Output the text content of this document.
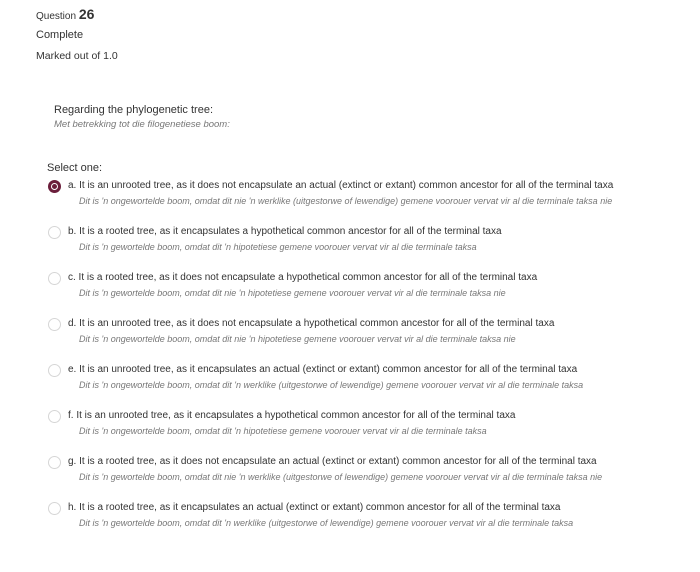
Question 26
Complete
Marked out of 1.0
Regarding the phylogenetic tree:
Met betrekking tot die filogenetiese boom:
Select one:
a. It is an unrooted tree, as it does not encapsulate an actual (extinct or extant) common ancestor for all of the terminal taxa
Dit is 'n ongewortelde boom, omdat dit nie 'n werklike (uitgestorwe of lewendige) gemene voorouer vervat vir al die terminale taksa nie
b. It is a rooted tree, as it encapsulates a hypothetical common ancestor for all of the terminal taxa
Dit is 'n gewortelde boom, omdat dit 'n hipotetiese gemene voorouer vervat vir al die terminale taksa
c. It is a rooted tree, as it does not encapsulate a hypothetical common ancestor for all of the terminal taxa
Dit is 'n gewortelde boom, omdat dit nie 'n hipotetiese gemene voorouer vervat vir al die terminale taksa nie
d. It is an unrooted tree, as it does not encapsulate a hypothetical common ancestor for all of the terminal taxa
Dit is 'n ongewortelde boom, omdat dit nie 'n hipotetiese gemene voorouer vervat vir al die terminale taksa nie
e. It is an unrooted tree, as it encapsulates an actual (extinct or extant) common ancestor for all of the terminal taxa
Dit is 'n ongewortelde boom, omdat dit 'n werklike (uitgestorwe of lewendige) gemene voorouer vervat vir al die terminale taksa
f. It is an unrooted tree, as it encapsulates a hypothetical common ancestor for all of the terminal taxa
Dit is 'n ongewortelde boom, omdat dit 'n hipotetiese gemene voorouer vervat vir al die terminale taksa
g. It is a rooted tree, as it does not encapsulate an actual (extinct or extant) common ancestor for all of the terminal taxa
Dit is 'n gewortelde boom, omdat dit nie 'n werklike (uitgestorwe of lewendige) gemene voorouer vervat vir al die terminale taksa nie
h. It is a rooted tree, as it encapsulates an actual (extinct or extant) common ancestor for all of the terminal taxa
Dit is 'n gewortelde boom, omdat dit 'n werklike (uitgestorwe of lewendige) gemene voorouer vervat vir al die terminale taksa
